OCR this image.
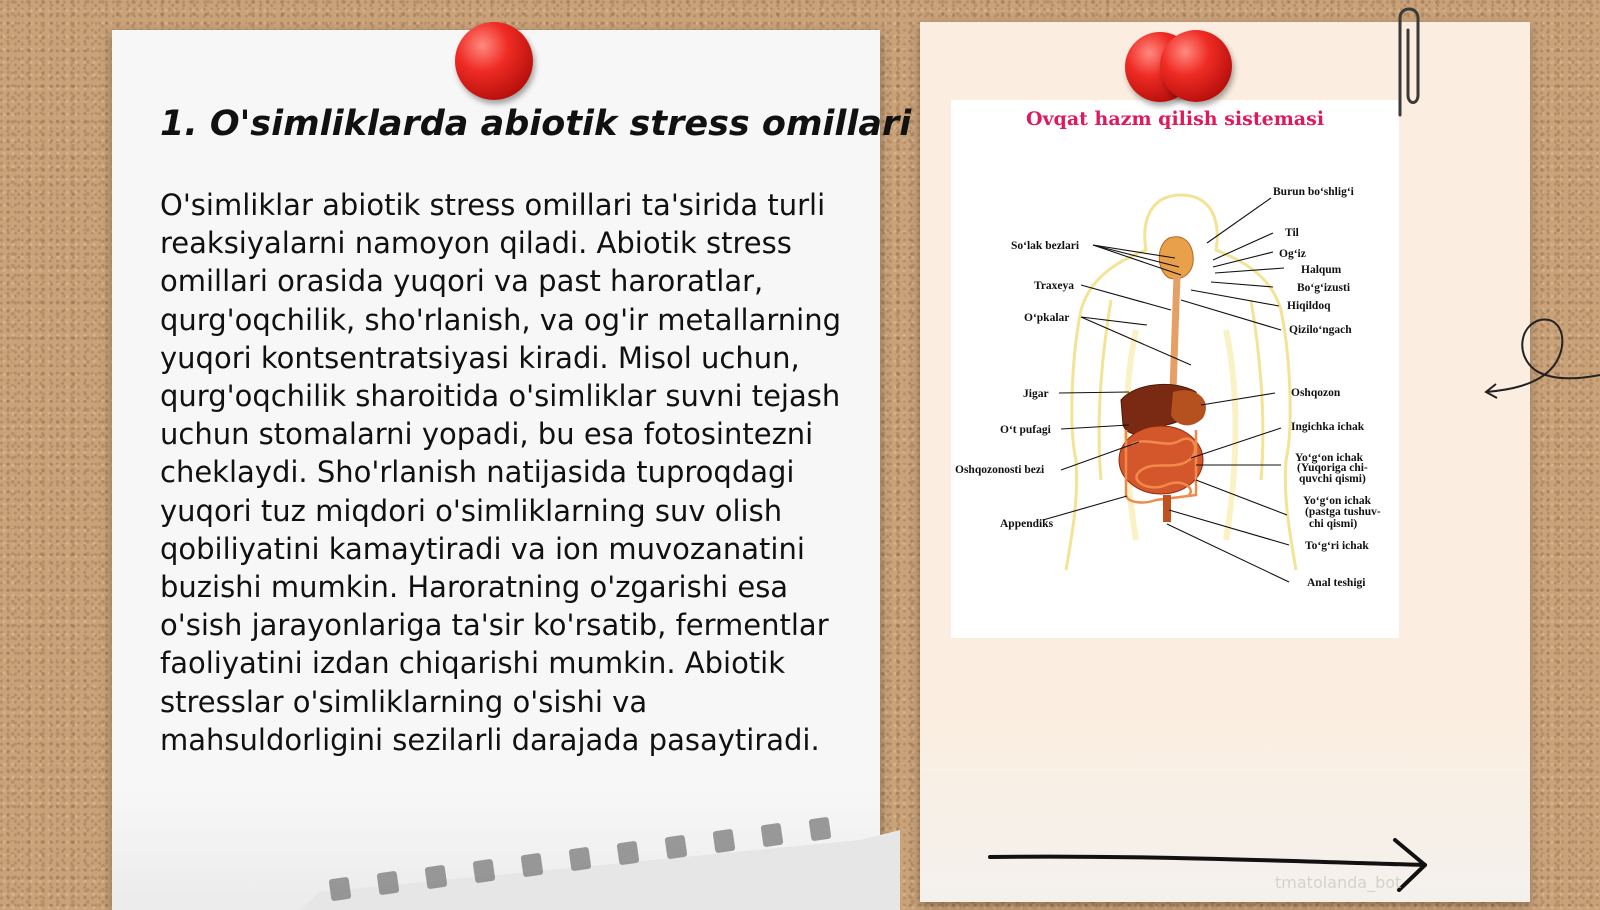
1. O'simliklarda abiotik stress omillari

O'simliklar abiotik stress omillari ta'sirida turli reaksiyalarni namoyon qiladi. Abiotik stress omillari orasida yuqori va past haroratlar, qurg'oqchilik, sho'rlanish, va og'ir metallarning yuqori kontsentratsiyasi kiradi. Misol uchun, qurg'oqchilik sharoitida o'simliklar suvni tejash uchun stomalarni yopadi, bu esa fotosintezni cheklaydi. Sho'rlanish natijasida tuproqdagi yuqori tuz miqdori o'simliklarning suv olish qobiliyatini kamaytiradi va ion muvozanatini buzishi mumkin. Haroratning o'zgarishi esa o'sish jarayonlariga ta'sir ko'rsatib, fermentlar faoliyatini izdan chiqarishi mumkin. Abiotik stresslar o'simliklarning o'sishi va mahsuldorligini sezilarli darajada pasaytiradi.

Ovqat hazm qilish sistemasi
Burun bo‘shlig‘i
Til
Og‘iz
Halqum
Bo‘g‘izusti
Hiqildoq
Qizilo‘ngach
Oshqozon
Ingichka ichak
Yo‘g‘on ichak
(Yuqoriga chi-
quvchi qismi)
Yo‘g‘on ichak
(pastga tushuv-
chi qismi)
To‘g‘ri ichak
Anal teshigi
So‘lak bezlari
Traxeya
O‘pkalar
Jigar
O‘t pufagi
Oshqozonosti bezi
Appendiks
tmatolanda_bot
